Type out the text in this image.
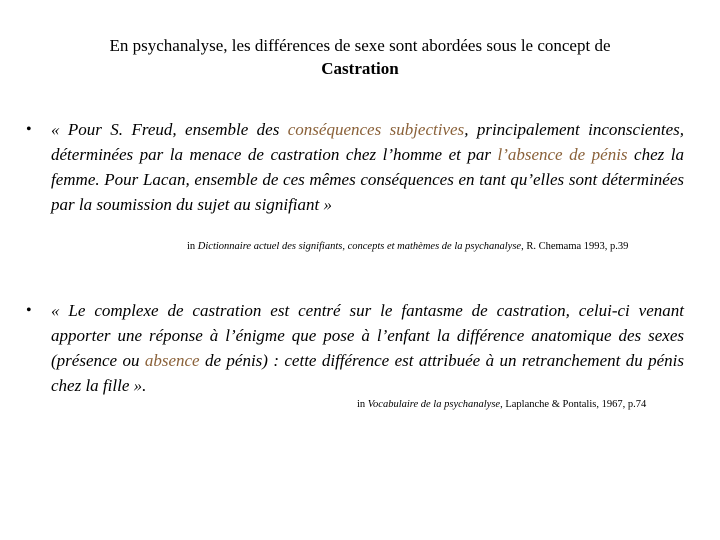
En psychanalyse, les différences de sexe sont abordées sous le concept de
Castration
• « Pour S. Freud, ensemble des conséquences subjectives, principalement inconscientes, déterminées par la menace de castration chez l’homme et par l’absence de pénis chez la femme. Pour Lacan, ensemble de ces mêmes conséquences en tant qu’elles sont déterminées par la soumission du sujet au signifiant »
in Dictionnaire actuel des signifiants, concepts et mathèmes de la psychanalyse, R. Chemama 1993, p.39
• « Le complexe de castration est centré sur le fantasme de castration, celui-ci venant apporter une réponse à l’énigme que pose à l’enfant la différence anatomique des sexes (présence ou absence de pénis) : cette différence est attribuée à un retranchement du pénis chez la fille ».
in Vocabulaire de la psychanalyse, Laplanche & Pontalis, 1967, p.74
